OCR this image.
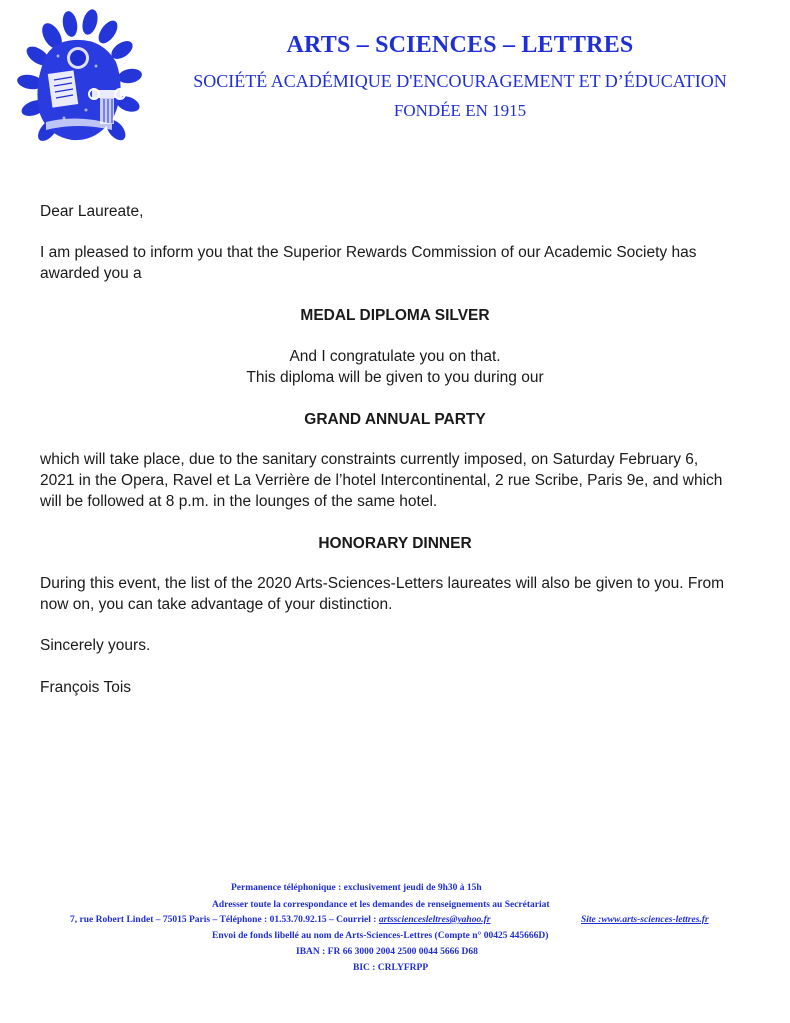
ARTS – SCIENCES – LETTRES
SOCIÉTÉ ACADÉMIQUE D'ENCOURAGEMENT ET D’ÉDUCATION
FONDÉE EN 1915
Dear Laureate,
I am pleased to inform you that the Superior Rewards Commission of our Academic Society has
awarded you a
MEDAL DIPLOMA SILVER
And I congratulate you on that.
This diploma will be given to you during our
GRAND ANNUAL PARTY
which will take place, due to the sanitary constraints currently imposed, on Saturday February 6,
2021 in the Opera, Ravel et La Verrière de l’hotel Intercontinental, 2 rue Scribe, Paris 9e, and which
will be followed at 8 p.m. in the lounges of the same hotel.
HONORARY DINNER
During this event, the list of the 2020 Arts-Sciences-Letters laureates will also be given to you. From
now on, you can take advantage of your distinction.
Sincerely yours.
François Tois
Permanence téléphonique : exclusivement jeudi de 9h30 à 15h
Adresser toute la correspondance et les demandes de renseignements au Secrétariat
7, rue Robert Lindet – 75015 Paris – Téléphone : 01.53.70.92.15 – Courriel : artssciencesleltres@yahoo.fr	Site :www.arts-sciences-lettres.fr
Envoi de fonds libellé au nom de Arts-Sciences-Lettres (Compte n° 00425 445666D)
IBAN : FR 66 3000 2004 2500 0044 5666 D68
BIC : CRLYFRPP
